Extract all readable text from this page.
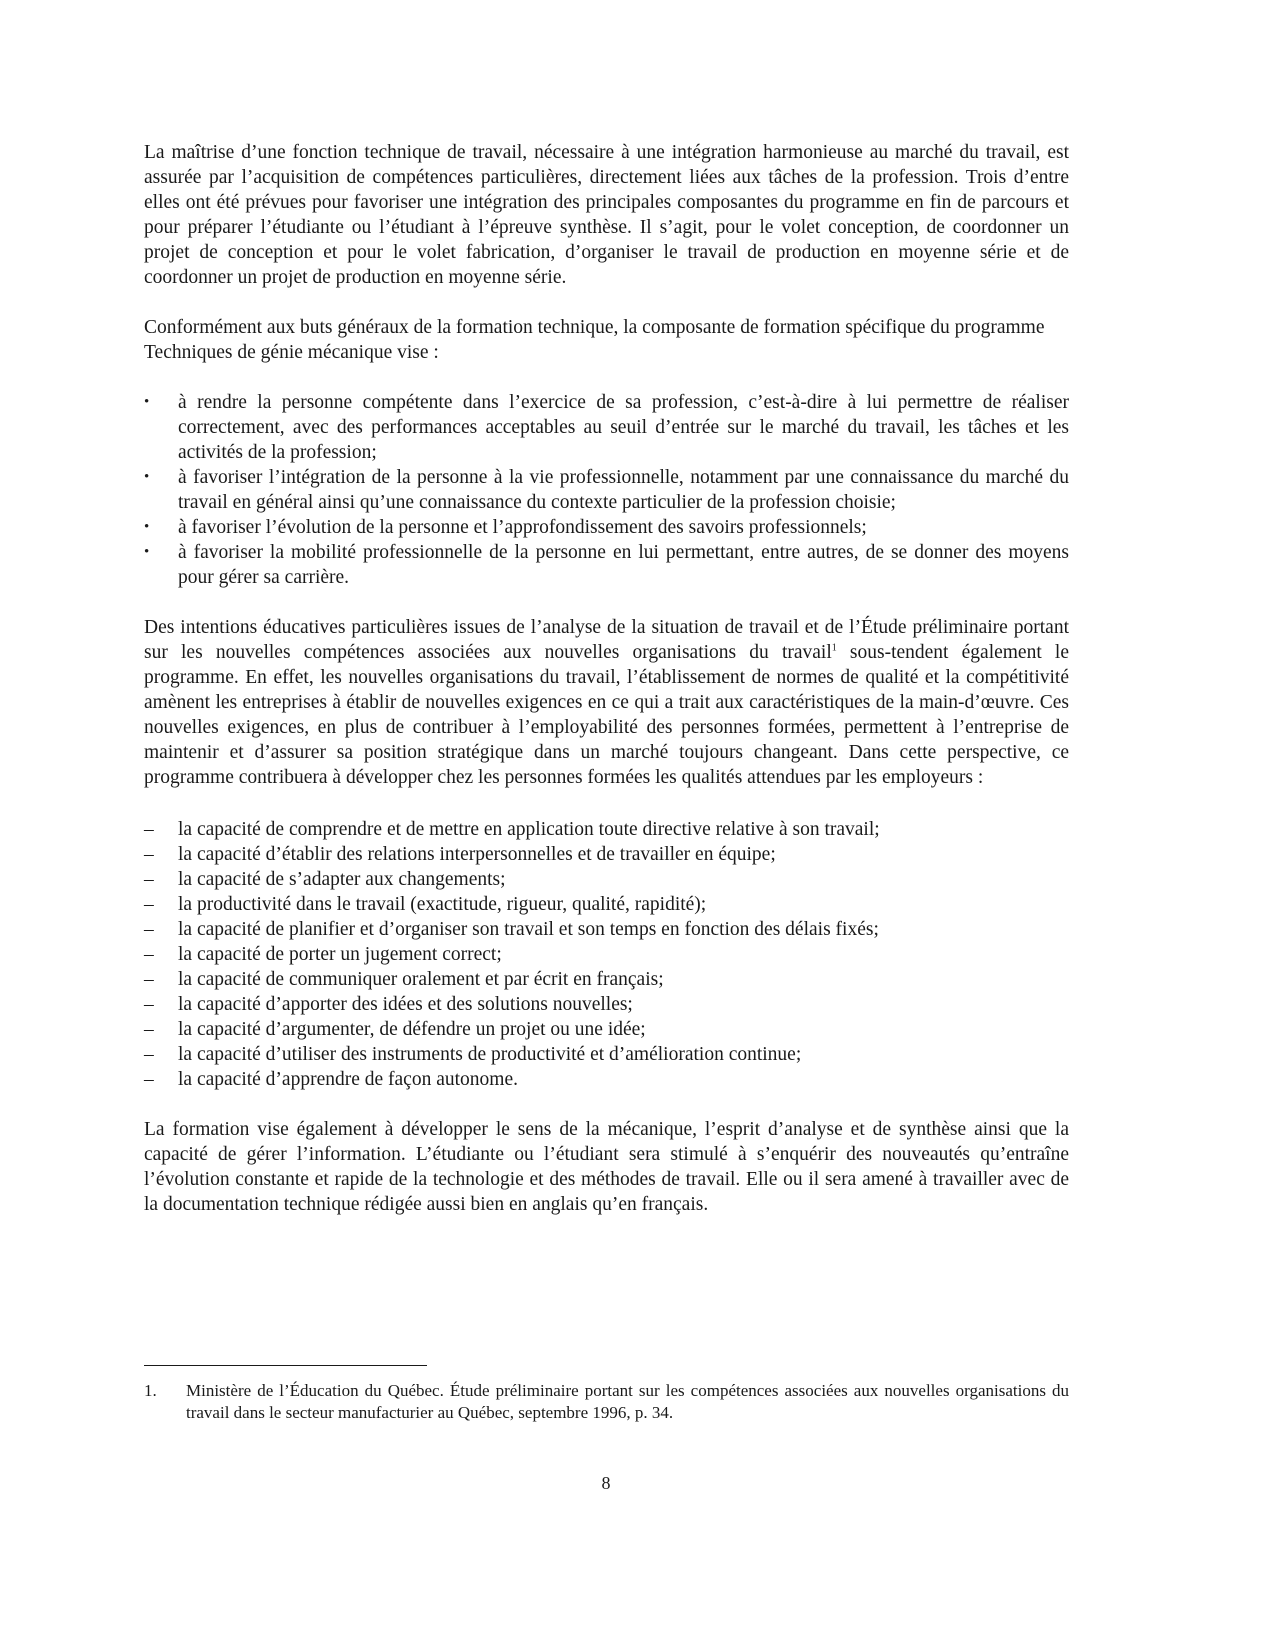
La maîtrise d’une fonction technique de travail, nécessaire à une intégration harmonieuse au marché du travail, est assurée par l’acquisition de compétences particulières, directement liées aux tâches de la profession. Trois d’entre elles ont été prévues pour favoriser une intégration des principales composantes du programme en fin de parcours et pour préparer l’étudiante ou l’étudiant à l’épreuve synthèse. Il s’agit, pour le volet conception, de coordonner un projet de conception et pour le volet fabrication, d’organiser le travail de production en moyenne série et de coordonner un projet de production en moyenne série.

Conformément aux buts généraux de la formation technique, la composante de formation spécifique du programme Techniques de génie mécanique vise :

• à rendre la personne compétente dans l’exercice de sa profession, c’est-à-dire à lui permettre de réaliser correctement, avec des performances acceptables au seuil d’entrée sur le marché du travail, les tâches et les activités de la profession;
• à favoriser l’intégration de la personne à la vie professionnelle, notamment par une connaissance du marché du travail en général ainsi qu’une connaissance du contexte particulier de la profession choisie;
• à favoriser l’évolution de la personne et l’approfondissement des savoirs professionnels;
• à favoriser la mobilité professionnelle de la personne en lui permettant, entre autres, de se donner des moyens pour gérer sa carrière.

Des intentions éducatives particulières issues de l’analyse de la situation de travail et de l’Étude préliminaire portant sur les nouvelles compétences associées aux nouvelles organisations du travail$^1$ sous-tendent également le programme. En effet, les nouvelles organisations du travail, l’établissement de normes de qualité et la compétitivité amènent les entreprises à établir de nouvelles exigences en ce qui a trait aux caractéristiques de la main-d’œuvre. Ces nouvelles exigences, en plus de contribuer à l’employabilité des personnes formées, permettent à l’entreprise de maintenir et d’assurer sa position stratégique dans un marché toujours changeant. Dans cette perspective, ce programme contribuera à développer chez les personnes formées les qualités attendues par les employeurs :

– la capacité de comprendre et de mettre en application toute directive relative à son travail;
– la capacité d’établir des relations interpersonnelles et de travailler en équipe;
– la capacité de s’adapter aux changements;
– la productivité dans le travail (exactitude, rigueur, qualité, rapidité);
– la capacité de planifier et d’organiser son travail et son temps en fonction des délais fixés;
– la capacité de porter un jugement correct;
– la capacité de communiquer oralement et par écrit en français;
– la capacité d’apporter des idées et des solutions nouvelles;
– la capacité d’argumenter, de défendre un projet ou une idée;
– la capacité d’utiliser des instruments de productivité et d’amélioration continue;
– la capacité d’apprendre de façon autonome.

La formation vise également à développer le sens de la mécanique, l’esprit d’analyse et de synthèse ainsi que la capacité de gérer l’information. L’étudiante ou l’étudiant sera stimulé à s’enquérir des nouveautés qu’entraîne l’évolution constante et rapide de la technologie et des méthodes de travail. Elle ou il sera amené à travailler avec de la documentation technique rédigée aussi bien en anglais qu’en français.

1. Ministère de l’Éducation du Québec. Étude préliminaire portant sur les compétences associées aux nouvelles organisations du travail dans le secteur manufacturier au Québec, septembre 1996, p. 34.
8
